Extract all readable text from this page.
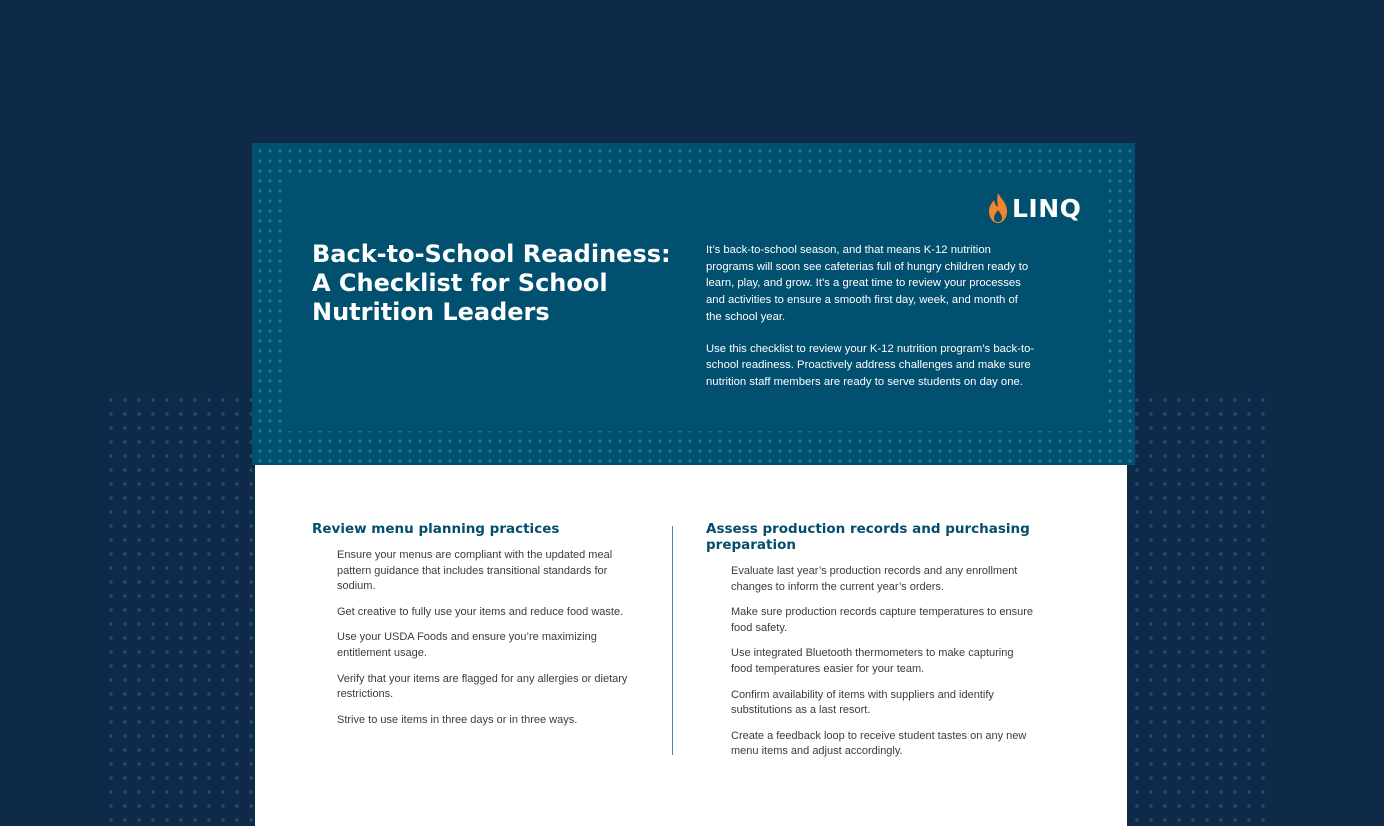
LINQ
Back-to-School Readiness:
A Checklist for School
Nutrition Leaders

It’s back-to-school season, and that means K-12 nutrition programs will soon see cafeterias full of hungry children ready to learn, play, and grow. It’s a great time to review your processes and activities to ensure a smooth first day, week, and month of the school year.

Use this checklist to review your K-12 nutrition program’s back-to-school readiness. Proactively address challenges and make sure nutrition staff members are ready to serve students on day one.

Review menu planning practices
Ensure your menus are compliant with the updated meal pattern guidance that includes transitional standards for sodium.
Get creative to fully use your items and reduce food waste.
Use your USDA Foods and ensure you’re maximizing entitlement usage.
Verify that your items are flagged for any allergies or dietary restrictions.
Strive to use items in three days or in three ways.
Assess production records and purchasing preparation
Evaluate last year’s production records and any enrollment changes to inform the current year’s orders.
Make sure production records capture temperatures to ensure food safety.
Use integrated Bluetooth thermometers to make capturing food temperatures easier for your team.
Confirm availability of items with suppliers and identify substitutions as a last resort.
Create a feedback loop to receive student tastes on any new menu items and adjust accordingly.
